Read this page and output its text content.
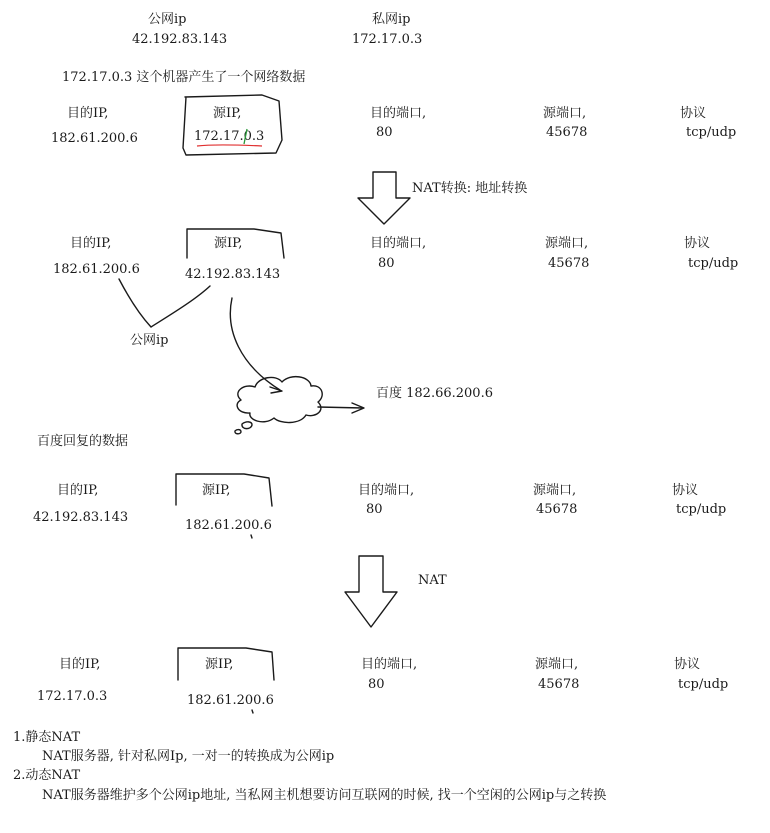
公网ip
42.192.83.143
私网ip
172.17.0.3
172.17.0.3 这个机器产生了一个网络数据
目的IP,
182.61.200.6
源IP,
172.17.0.3
目的端口,
80
源端口,
45678
协议
tcp/udp
NAT转换: 地址转换
目的IP,
182.61.200.6
源IP,
42.192.83.143
目的端口,
80
源端口,
45678
协议
tcp/udp
公网ip
百度 182.66.200.6
百度回复的数据
目的IP,
42.192.83.143
源IP,
182.61.200.6
目的端口,
80
源端口,
45678
协议
tcp/udp
NAT
目的IP,
172.17.0.3
源IP,
182.61.200.6
目的端口,
80
源端口,
45678
协议
tcp/udp
1.静态NAT
NAT服务器, 针对私网Ip, 一对一的转换成为公网ip
2.动态NAT
NAT服务器维护多个公网ip地址, 当私网主机想要访问互联网的时候, 找一个空闲的公网ip与之转换
